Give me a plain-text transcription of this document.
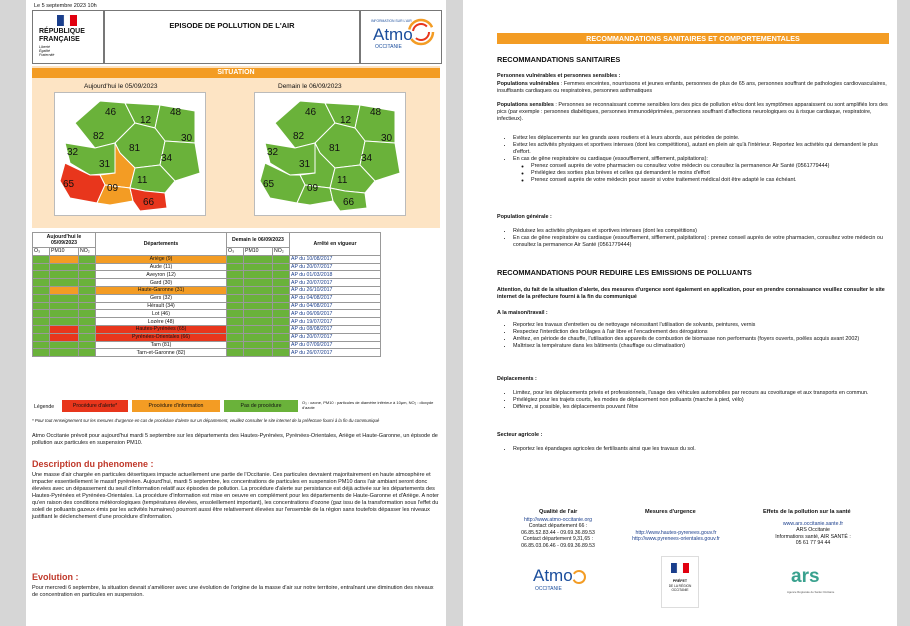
Le 5 septembre 2023 10h
RÉPUBLIQUE
FRANÇAISE
Liberté
Égalité
Fraternité
EPISODE DE POLLUTION DE L'AIR	INFORMATION SUR L'AIR
Atmo
OCCITANIE
SITUATION
Aujourd'hui le 05/09/2023	Demain le 06/09/2023
46
12
48
82
81
30
32
31
34
65	09
11
66
46
12
48
82
81
30
32
31
34
65	09
11
66
Aujourd'hui le 05/09/2023			Départements	Demain le 06/09/2023			Arrêté en vigueur
O₃	PM10	NO₂		O₃	PM10	NO₂	
			Ariège (9)				AP du 10/08/2017
			Aude (11)				AP du 20/07/2017
			Aveyron (12)				AP du 01/03/2018
			Gard (30)				AP du 20/07/2017
			Haute-Garonne (31)				AP du 26/10/2017
			Gers (32)				AP du 04/08/2017
			Hérault (34)				AP du 04/08/2017
			Lot (46)				AP du 06/09/2017
			Lozère (48)				AP du 19/07/2017
			Hautes-Pyrénées (65)				AP du 08/08/2017
			Pyrénées-Orientales (66)				AP du 20/07/2017
			Tarn (81)				AP du 07/09/2017
			Tarn-et-Garonne (82)				AP du 26/07/2017
Légende	Procédure d'alerte*	Procédure d'information	Pas de procédure
O₃ : ozone, PM10 : particules de diamètre inférieur à 10µm, NO₂ : dioxyde d'azote
* Pour tout renseignement sur les mesures d'urgence en cas de procédure d'alerte sur un département, veuillez consulter le site internet de la préfecture fourni à la fin du communiqué
Atmo Occitanie prévoit pour aujourd'hui mardi 5 septembre sur les départements des Hautes-Pyrénées, Pyrénées-Orientales, Ariège et Haute-Garonne, un épisode de pollution aux particules en suspension PM10.
Description du phenomene :
Une masse d'air chargée en particules désertiques impacte actuellement une partie de l'Occitanie. Ces particules devraient majoritairement en haute atmosphère et impacter essentiellement le massif pyrénéen. Aujourd'hui, mardi 5 septembre, les concentrations de particules en suspension PM10 dans l'air ambiant seront donc élevées avec un dépassement du seuil d'information relatif aux épisodes de pollution. La procédure d'alerte sur persistance est déjà activée sur les départements des Hautes-Pyrénées et Pyrénées-Orientales. La procédure d'information est mise en oeuvre en complément pour les départements de Haute-Garonne et d'Ariège. A noter qu'en raison des conditions météorologiques (températures élevées, ensoleillement important), les concentrations d'ozone (gaz issu de la transformation sous l'effet du soleil de polluants gazeux émis par les activités humaines) pourront aussi être relativement élevées sur l'ensemble de la région sans toutefois dépasser les niveaux justifiant le déclenchement d'une procédure d'information.
Evolution :
Pour mercredi 6 septembre, la situation devrait s'améliorer avec une évolution de l'origine de la masse d'air sur notre territoire, entraînant une diminution des niveaux de concentration en particules en suspension.
RECOMMANDATIONS SANITAIRES ET COMPORTEMENTALES
RECOMMANDATIONS SANITAIRES
Personnes vulnérables et personnes sensibles :
Populations vulnérables : Femmes enceintes, nourrissons et jeunes enfants, personnes de plus de 65 ans, personnes souffrant de pathologies cardiovasculaires, insuffisants cardiaques ou respiratoires, personnes asthmatiques
Populations sensibles : Personnes se reconnaissant comme sensibles lors des pics de pollution et/ou dont les symptômes apparaissent ou sont amplifiés lors des pics (par exemple : personnes diabétiques, personnes immunodéprimées, personnes souffrant d'affections neurologiques ou à risque cardiaque, respiratoire, infectieux).
• Evitez les déplacements sur les grands axes routiers et à leurs abords, aux périodes de pointe.
• Evitez les activités physiques et sportives intenses (dont les compétitions), autant en plein air qu'à l'intérieur. Reportez les activités qui demandent le plus d'effort.
• En cas de gêne respiratoire ou cardiaque (essoufflement, sifflement, palpitations):
◦ Prenez conseil auprès de votre pharmacien ou consultez votre médecin ou consultez la permanence Air Santé (0561779444)
◦ Privilégiez des sorties plus brèves et celles qui demandent le moins d'effort
◦ Prenez conseil auprès de votre médecin pour savoir si votre traitement médical doit être adapté le cas échéant.
Population générale :
• Réduisez les activités physiques et sportives intenses (dont les compétitions)
• En cas de gêne respiratoire ou cardiaque (essoufflement, sifflement, palpitations) : prenez conseil auprès de votre pharmacien, consultez votre médecin ou consultez la permanence Air Santé (0561779444)
RECOMMANDATIONS POUR REDUIRE LES EMISSIONS DE POLLUANTS
Attention, du fait de la situation d'alerte, des mesures d'urgence sont également en application, pour en prendre connaissance veuillez consulter le site internet de la préfecture fourni à la fin du communiqué
A la maison/travail :
• Reportez les travaux d'entretien ou de nettoyage nécessitant l'utilisation de solvants, peintures, vernis
• Respectez l'interdiction des brûlages à l'air libre et l'encadrement des dérogations
• Arrêtez, en période de chauffe, l'utilisation des appareils de combustion de biomasse non performants (foyers ouverts, poêles acquis avant 2002)
• Maîtrisez la température dans les bâtiments (chauffage ou climatisation)
Déplacements :
• Limitez, pour les déplacements privés et professionnels, l'usage des véhicules automobiles par recours au covoiturage et aux transports en commun.
• Privilégiez pour les trajets courts, les modes de déplacement non polluants (marche à pied, vélo)
• Différez, si possible, les déplacements pouvant l'être
Secteur agricole :
• Reportez les épandages agricoles de fertilisants ainsi que les travaux du sol.
Qualité de l'air
http://www.atmo-occitanie.org
Contact département 66 :
06.85.52.83.44 - 09.69.36.89.53
Contact département 9,31,65 :
06.85.03.06.46 - 09.69.36.89.53
Mesures d'urgence
http://www.hautes-pyrenees.gouv.fr
http://www.pyrenees-orientales.gouv.fr
Effets de la pollution sur la santé
www.ars.occitanie.sante.fr
ARS Occitanie
Informations santé, AIR SANTÉ :
05 61 77 94 44
Atmo
OCCITANIE
PRÉFET
DE LA RÉGION
OCCITANIE
ars
Agence Régionale de Santé Occitanie
